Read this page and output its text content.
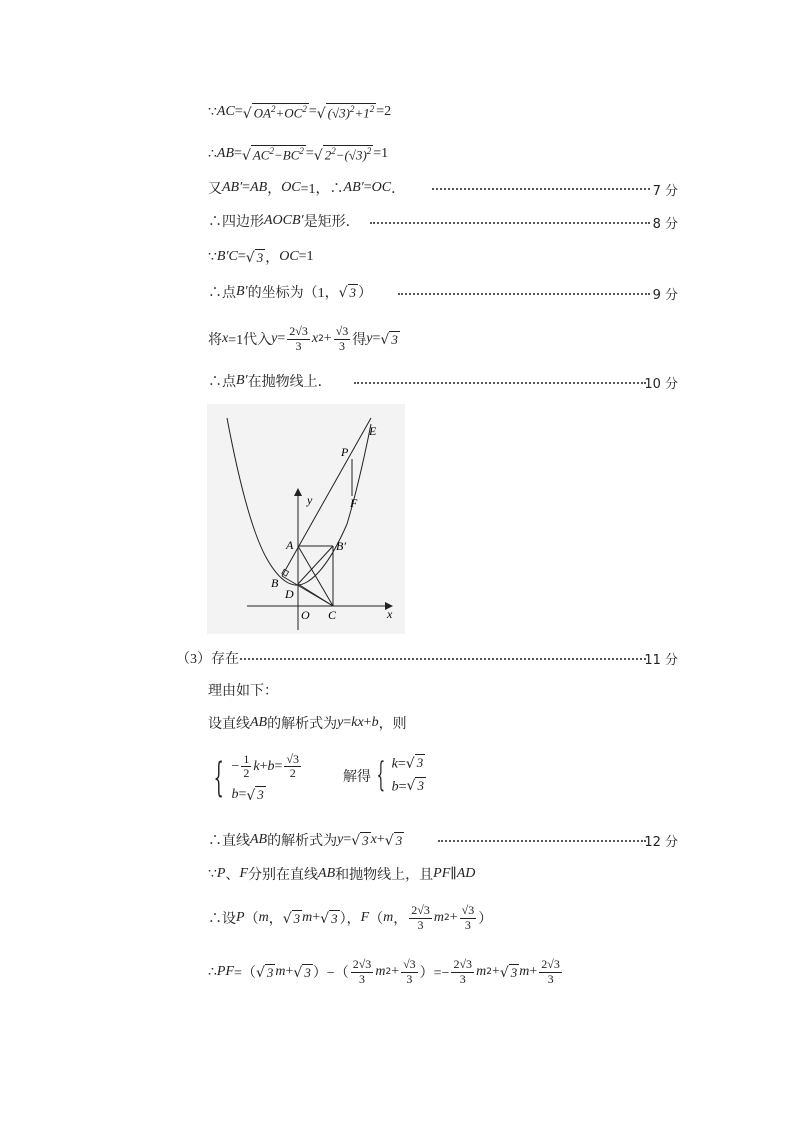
∵ AC = √ $OA^2+OC^2$ = √ $(√3)^2+1^2 =2$
∴ AB = √ $AC^2-BC^2$ = √ $2^2-(√3)^2 =1$
又 AB′ = AB ， OC =1，∴ AB′ = OC ．	7 分
∴四边形 AOCB′ 是矩形．	8 分
∵ B′C = √ 3 ， OC =1
∴点 B′ 的坐标为（1， √ 3 ）	9 分
将 x =1代入 $y = \frac{2√3}{3}$ x $2 + \frac{√3}{3}$ 得 y = √ 3
∴点 B′ 在抛物线上．	10 分
y
x
O
A	B′
B
D
C
P
E
F
（3） 存在	11 分
理由如下：
设直线 AB 的解析式为 y = kx + b ，则
{ − $\frac{1}{2}$ $k + b = \frac{√3}{2}$
b = √ 3
解得 { k= √ 3
b= √ 3
∴直线 AB 的解析式为 y = √ 3 x + √ 3	12 分
∵ P 、 F 分别在直线 AB 和抛物线上，且 PF ∥ AD
∴设 P （ m ， √ 3 m + √ 3 ）， F （ m ， $\frac{2√3}{3}$ m $2 + \frac{√3}{3}$ ）
∴ PF =（ √ 3 m + √ 3 ）−（ $\frac{2√3}{3}$ m $2 + \frac{√3}{3}$ ）=− $\frac{2√3}{3}$ m 2 + √ 3 $m + \frac{2√3}{3}$
